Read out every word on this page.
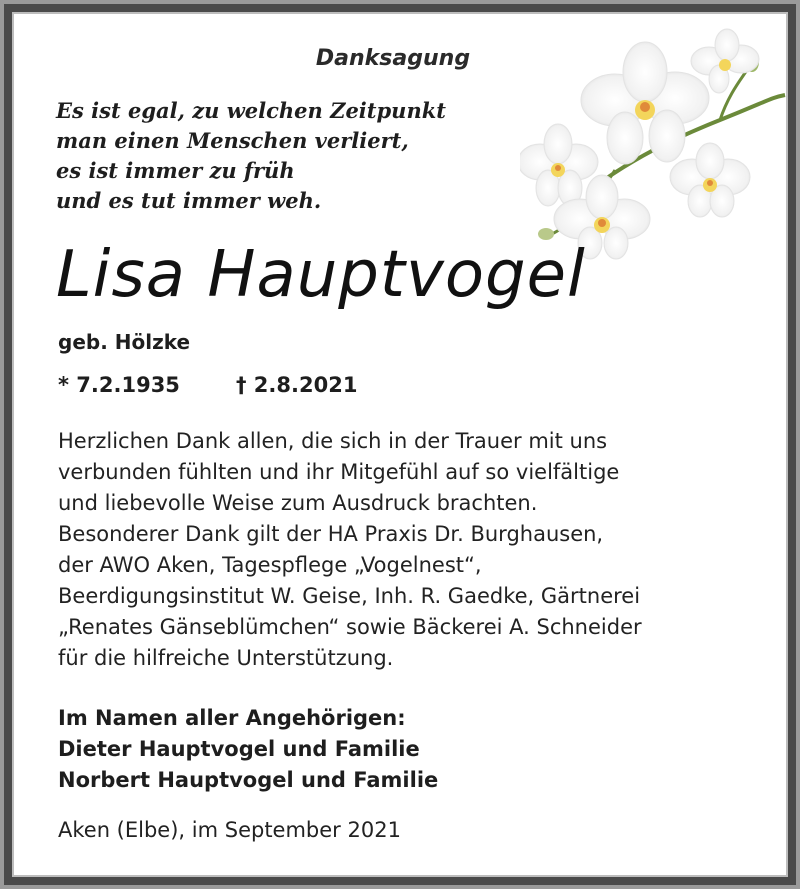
Danksagung
Es ist egal, zu welchen Zeitpunkt
man einen Menschen verliert,
es ist immer zu früh
und es tut immer weh.
Lisa Hauptvogel
geb. Hölzke
* 7.2.1935	† 2.8.2021
Herzlichen Dank allen, die sich in der Trauer mit uns
verbunden fühlten und ihr Mitgefühl auf so vielfältige
und liebevolle Weise zum Ausdruck brachten.
Besonderer Dank gilt der HA Praxis Dr. Burghausen,
der AWO Aken, Tagespflege „Vogelnest“,
Beerdigungsinstitut W. Geise, Inh. R. Gaedke, Gärtnerei
„Renates Gänseblümchen“ sowie Bäckerei A. Schneider
für die hilfreiche Unterstützung.
Im Namen aller Angehörigen:
Dieter Hauptvogel und Familie
Norbert Hauptvogel und Familie
Aken (Elbe), im September 2021
